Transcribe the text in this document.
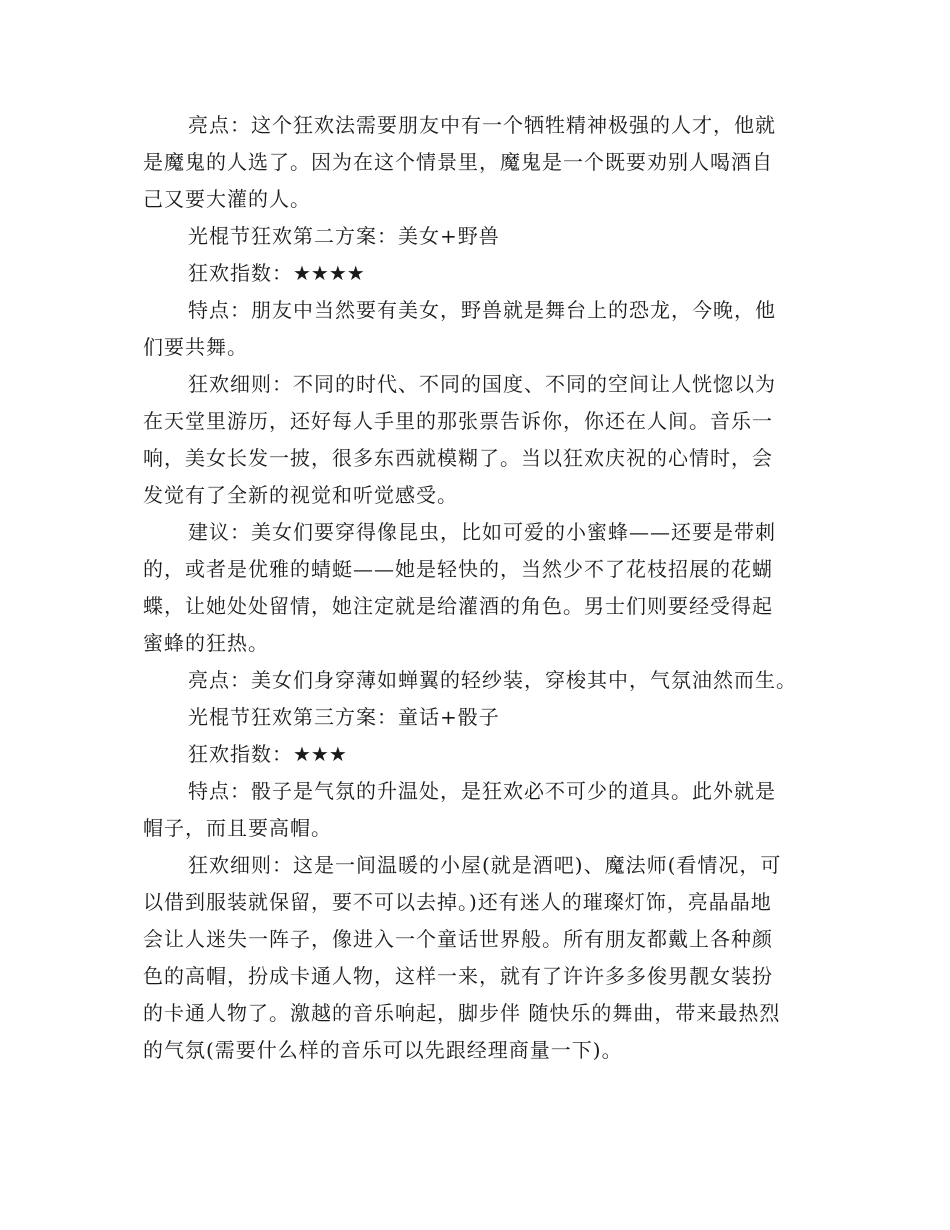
亮点：这个狂欢法需要朋友中有一个牺牲精神极强的人才，他就
是魔鬼的人选了。因为在这个情景里，魔鬼是一个既要劝别人喝酒自
己又要大灌的人。

光棍节狂欢第二方案：美女+野兽

狂欢指数：★★★★

特点：朋友中当然要有美女，野兽就是舞台上的恐龙，今晚，他
们要共舞。

狂欢细则：不同的时代、不同的国度、不同的空间让人恍惚以为
在天堂里游历，还好每人手里的那张票告诉你，你还在人间。音乐一
响，美女长发一披，很多东西就模糊了。当以狂欢庆祝的心情时，会
发觉有了全新的视觉和听觉感受。

建议：美女们要穿得像昆虫，比如可爱的小蜜蜂——还要是带刺
的，或者是优雅的蜻蜓——她是轻快的，当然少不了花枝招展的花蝴
蝶，让她处处留情，她注定就是给灌酒的角色。男士们则要经受得起
蜜蜂的狂热。

亮点：美女们身穿薄如蝉翼的轻纱装，穿梭其中，气氛油然而生。

光棍节狂欢第三方案：童话+骰子

狂欢指数：★★★

特点：骰子是气氛的升温处，是狂欢必不可少的道具。此外就是
帽子，而且要高帽。

狂欢细则：这是一间温暖的小屋(就是酒吧)、魔法师(看情况，可
以借到服装就保留，要不可以去掉。)还有迷人的璀璨灯饰，亮晶晶地
会让人迷失一阵子，像进入一个童话世界般。所有朋友都戴上各种颜
色的高帽，扮成卡通人物，这样一来，就有了许许多多俊男靓女装扮
的卡通人物了。激越的音乐响起，脚步伴 随快乐的舞曲，带来最热烈
的气氛(需要什么样的音乐可以先跟经理商量一下)。
